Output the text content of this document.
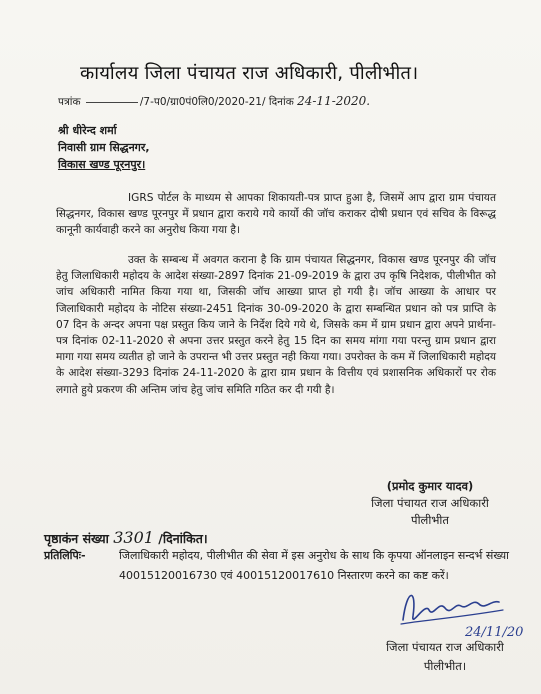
कार्यालय जिला पंचायत राज अधिकारी, पीलीभीत।
पत्रांक	/7-प0/ग्रा0पं0लि0/2020-21/ दिनांक 24-11-2020.
श्री धीरेन्द शर्मा
निवासी ग्राम सिद्धनगर,
विकास खण्ड पूरनपुर।
IGRS पोर्टल के माध्यम से आपका शिकायती-पत्र प्राप्त हुआ है, जिसमें आप द्वारा ग्राम पंचायत सिद्धनगर, विकास खण्ड पूरनपुर में प्रधान द्वारा कराये गये कार्यो की जॉच कराकर दोषी प्रधान एवं सचिव के विरूद्ध कानूनी कार्यवाही करने का अनुरोध किया गया है।
उक्त के सम्बन्ध में अवगत कराना है कि ग्राम पंचायत सिद्धनगर, विकास खण्ड पूरनपुर की जॉच हेतु जिलाधिकारी महोदय के आदेश संख्या-2897 दिनांक 21-09-2019 के द्वारा उप कृषि निदेशक, पीलीभीत को जांच अधिकारी नामित किया गया था, जिसकी जॉच आख्या प्राप्त हो गयी है। जॉच आख्या के आधार पर जिलाधिकारी महोदय के नोटिस संख्या-2451 दिनांक 30-09-2020 के द्वारा सम्बन्धित प्रधान को पत्र प्राप्ति के 07 दिन के अन्दर अपना पक्ष प्रस्तुत किय जाने के निर्देश दिये गये थे, जिसके कम में ग्राम प्रधान द्वारा अपने प्रार्थना-पत्र दिनांक 02-11-2020 से अपना उत्तर प्रस्तुत करने हेतु 15 दिन का समय मांगा गया परन्तु ग्राम प्रधान द्वारा मागा गया समय व्यतीत हो जाने के उपरान्त भी उत्तर प्रस्तुत नही किया गया। उपरोक्त के कम में जिलाधिकारी महोदय के आदेश संख्या-3293 दिनांक 24-11-2020 के द्वारा ग्राम प्रधान के वित्तीय एवं प्रशासनिक अधिकारों पर रोक लगाते हुये प्रकरण की अन्तिम जांच हेतु जांच समिति गठित कर दी गयी है।
(प्रमोद कुमार यादव)
जिला पंचायत राज अधिकारी
पीलीभीत
पृष्ठाकंन संख्या 3301 /दिनांकित।
प्रतिलिपिः-	जिलाधिकारी महोदय, पीलीभीत की सेवा में इस अनुरोध के साथ कि कृपया ऑनलाइन सन्दर्भ संख्या 40015120016730 एवं 40015120017610 निस्तारण करने का कष्ट करें।
24/11/20
जिला पंचायत राज अधिकारी
पीलीभीत।
